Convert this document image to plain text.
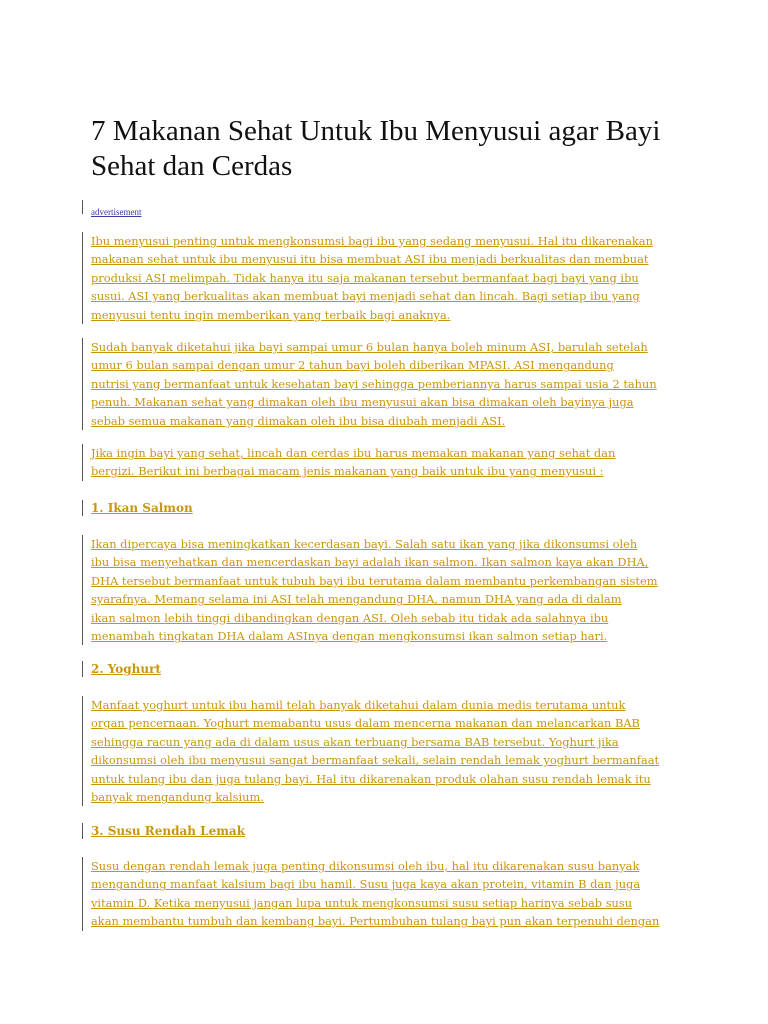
7 Makanan Sehat Untuk Ibu Menyusui agar Bayi Sehat dan Cerdas
advertisement
Ibu menyusui penting untuk mengkonsumsi bagi ibu yang sedang menyusui. Hal itu dikarenakan
makanan sehat untuk ibu menyusui itu bisa membuat ASI ibu menjadi berkualitas dan membuat
produksi ASI melimpah. Tidak hanya itu saja makanan tersebut bermanfaat bagi bayi yang ibu
susui. ASI yang berkualitas akan membuat bayi menjadi sehat dan lincah. Bagi setiap ibu yang
menyusui tentu ingin memberikan yang terbaik bagi anaknya.
Sudah banyak diketahui jika bayi sampai umur 6 bulan hanya boleh minum ASI, barulah setelah
umur 6 bulan sampai dengan umur 2 tahun bayi boleh diberikan MPASI. ASI mengandung
nutrisi yang bermanfaat untuk kesehatan bayi sehingga pemberiannya harus sampai usia 2 tahun
penuh. Makanan sehat yang dimakan oleh ibu menyusui akan bisa dimakan oleh bayinya juga
sebab semua makanan yang dimakan oleh ibu bisa diubah menjadi ASI.
Jika ingin bayi yang sehat, lincah dan cerdas ibu harus memakan makanan yang sehat dan
bergizi. Berikut ini berbagai macam jenis makanan yang baik untuk ibu yang menyusui :
1. Ikan Salmon
Ikan dipercaya bisa meningkatkan kecerdasan bayi. Salah satu ikan yang jika dikonsumsi oleh
ibu bisa menyehatkan dan mencerdaskan bayi adalah ikan salmon. Ikan salmon kaya akan DHA,
DHA tersebut bermanfaat untuk tubuh bayi ibu terutama dalam membantu perkembangan sistem
syarafnya. Memang selama ini ASI telah mengandung DHA, namun DHA yang ada di dalam
ikan salmon lebih tinggi dibandingkan dengan ASI. Oleh sebab itu tidak ada salahnya ibu
menambah tingkatan DHA dalam ASInya dengan mengkonsumsi ikan salmon setiap hari.
2. Yoghurt
Manfaat yoghurt untuk ibu hamil telah banyak diketahui dalam dunia medis terutama untuk
organ pencernaan. Yoghurt memabantu usus dalam mencerna makanan dan melancarkan BAB
sehingga racun yang ada di dalam usus akan terbuang bersama BAB tersebut. Yoghurt jika
dikonsumsi oleh ibu menyusui sangat bermanfaat sekali, selain rendah lemak yoghurt bermanfaat
untuk tulang ibu dan juga tulang bayi. Hal itu dikarenakan produk olahan susu rendah lemak itu
banyak mengandung kalsium.
3. Susu Rendah Lemak
Susu dengan rendah lemak juga penting dikonsumsi oleh ibu, hal itu dikarenakan susu banyak
mengandung manfaat kalsium bagi ibu hamil. Susu juga kaya akan protein, vitamin B dan juga
vitamin D. Ketika menyusui jangan lupa untuk mengkonsumsi susu setiap harinya sebab susu
akan membantu tumbuh dan kembang bayi. Pertumbuhan tulang bayi pun akan terpenuhi dengan
